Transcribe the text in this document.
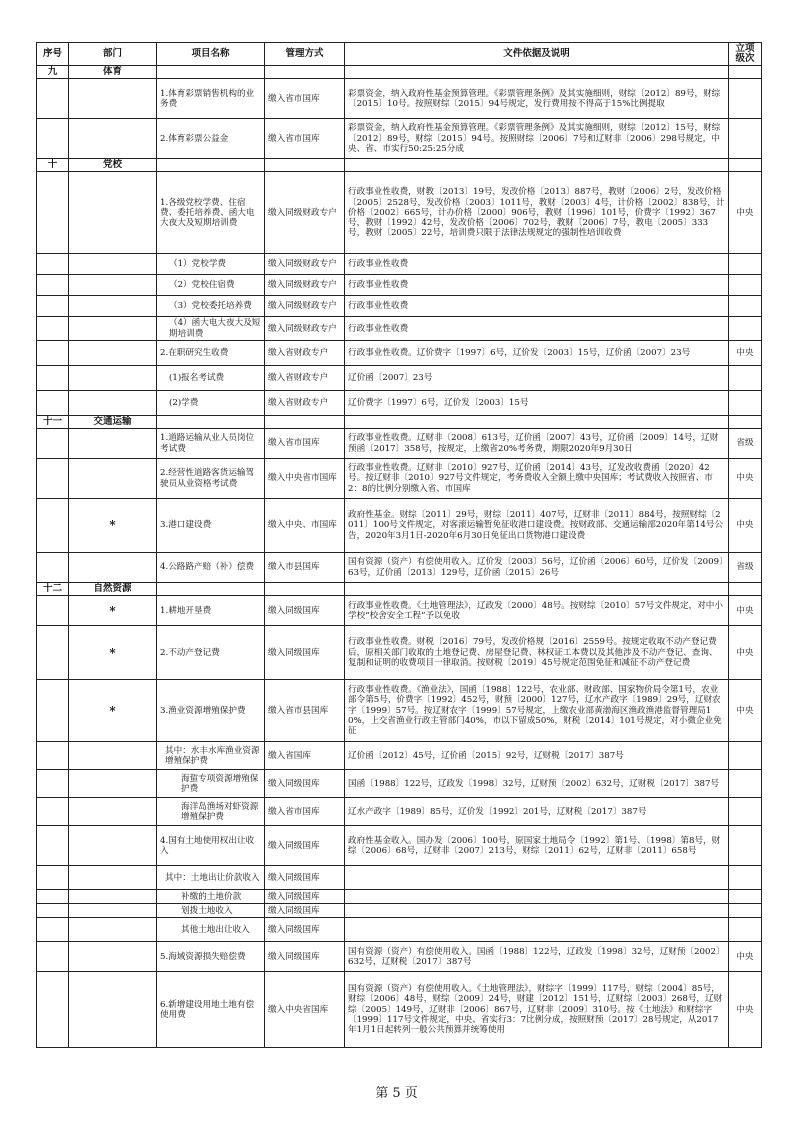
序号	部门	项目名称	管理方式	文件依据及说明	立项级次
九	体育				
		1.体育彩票销售机构的业务费	缴入省市国库	彩票资金，纳入政府性基金预算管理。《彩票管理条例》及其实施细则，财综〔2012〕89号，财综〔2015〕10号。按照财综〔2015〕94号规定，发行费用按不得高于15%比例提取	
		2.体育彩票公益金	缴入省市国库	彩票资金，纳入政府性基金预算管理。《彩票管理条例》及其实施细则，财综〔2012〕15号，财综〔2012〕89号，财综〔2015〕94号。按照财综〔2006〕7号和辽财非〔2006〕298号规定，中央、省、市实行50:25:25分成	
十	党校				
		1.各级党校学费、住宿费、委托培养费、函大电大夜大及短期培训费	缴入同级财政专户	行政事业性收费，财教〔2013〕19号，发改价格〔2013〕887号，教财〔2006〕2号，发改价格〔2005〕2528号，发改价格〔2003〕1011号，教财〔2003〕4号，计价格〔2002〕838号，计价格〔2002〕665号，计办价格〔2000〕906号，教财〔1996〕101号，价费字〔1992〕367号，教财〔1992〕42号，发改价格〔2006〕702号，教财〔2006〕7号，教电〔2005〕333号，教财〔2005〕22号，培训费只限于法律法规规定的强制性培训收费	中央
		（1）党校学费	缴入同级财政专户	行政事业性收费	
		（2）党校住宿费	缴入同级财政专户	行政事业性收费	
		（3）党校委托培养费	缴入同级财政专户	行政事业性收费	
		（4）函大电大夜大及短期培训费	缴入同级财政专户	行政事业性收费	
		2.在职研究生收费	缴入省财政专户	行政事业性收费。辽价费字〔1997〕6号，辽价发〔2003〕15号，辽价函〔2007〕23号	中央
		(1)报名考试费	缴入省财政专户	辽价函〔2007〕23号	
		(2)学费	缴入省财政专户	辽价费字〔1997〕6号，辽价发〔2003〕15号	
十一	交通运输				
		1.道路运输从业人员岗位考试费	缴入省市国库	行政事业性收费。辽财非〔2008〕613号，辽价函〔2007〕43号，辽价函〔2009〕14号，辽财预函〔2017〕358号，按规定，上缴省20%考务费，期限2020年9月30日	省级
		2.经营性道路客货运输驾驶员从业资格考试费	缴入中央省市国库	行政事业性收费。辽财非〔2010〕927号，辽价函〔2014〕43号，辽发改收费函〔2020〕42号。按辽财非〔2010〕927号文件规定，考务费收入全额上缴中央国库；考试费收入按照省、市2：8的比例分别缴入省、市国库	中央
	*	3.港口建设费	缴入中央、市国库	政府性基金。财综〔2011〕29号，财综〔2011〕407号，辽财非〔2011〕884号，按照财综〔2011〕100号文件规定，对客滚运输暂免征收港口建设费。按财政部、交通运输部2020年第14号公告，2020年3月1日-2020年6月30日免征出口货物港口建设费	中央
		4.公路路产赔（补）偿费	缴入市县国库	国有资源（资产）有偿使用收入。辽价发〔2003〕56号，辽价函〔2006〕60号，辽价发〔2009〕63号，辽价函〔2013〕129号，辽价函〔2015〕26号	省级
十二	自然资源				
	*	1.耕地开垦费	缴入同级国库	行政事业性收费。《土地管理法》，辽政发〔2000〕48号。按财综〔2010〕57号文件规定，对中小学校“校舍安全工程”予以免收	中央
	*	2.不动产登记费	缴入同级国库	行政事业性收费。财税〔2016〕79号，发改价格规〔2016〕2559号。按规定收取不动产登记费后，原相关部门收取的土地登记费、房屋登记费、林权证工本费以及其他涉及不动产登记、查询、复制和证明的收费项目一律取消。按财税〔2019〕45号规定范围免征和减征不动产登记费	中央
	*	3.渔业资源增殖保护费	缴入省市县国库	行政事业性收费。《渔业法》，国函〔1988〕122号，农业部、财政部、国家物价局令第1号，农业部令第5号，价费字〔1992〕452号，财预〔2000〕127号，辽水产政字〔1989〕29号，辽财农字〔1999〕57号。按辽财农字〔1999〕57号规定，上缴农业部黄渤海区渔政渔港监督管理局10%，上交省渔业行政主管部门40%，市以下留成50%，财税〔2014〕101号规定，对小微企业免征	中央
		其中：水丰水库渔业资源增殖保护费	缴入省国库	辽价函〔2012〕45号，辽价函〔2015〕92号，辽财税〔2017〕387号	
		海蜇专项资源增殖保护费	缴入同级国库	国函〔1988〕122号，辽政发〔1998〕32号，辽财预〔2002〕632号，辽财税〔2017〕387号	
		海洋岛渔场对虾资源增殖保护费	缴入省市国库	辽水产政字〔1989〕85号，辽价发〔1992〕201号，辽财税〔2017〕387号	
		4.国有土地使用权出让收入	缴入同级国库	政府性基金收入。国办发〔2006〕100号，原国家土地局令〔1992〕第1号、〔1998〕第8号，财综〔2006〕68号，辽财非〔2007〕213号，财综〔2011〕62号，辽财非〔2011〕658号	
		其中：土地出让价款收入	缴入同级国库		
		补缴的土地价款	缴入同级国库		
		划拨土地收入	缴入同级国库		
		其他土地出让收入	缴入同级国库		
		5.海域资源损失赔偿费	缴入同级国库	国有资源（资产）有偿使用收入。国函〔1988〕122号，辽政发〔1998〕32号，辽财预〔2002〕632号，辽财税〔2017〕387号	中央
		6.新增建设用地土地有偿使用费	缴入中央省国库	国有资源（资产）有偿使用收入。《土地管理法》，财综字〔1999〕117号，财综〔2004〕85号，财综〔2006〕48号，财综〔2009〕24号，财建〔2012〕151号，辽财综〔2003〕268号，辽财综〔2005〕149号，辽财非〔2006〕867号，辽财非〔2009〕310号。按《土地法》和财综字〔1999〕117号文件规定，中央、省实行3：7比例分成，按照财预〔2017〕28号规定，从2017年1月1日起转列一般公共预算并统筹使用	中央
第 5 页
